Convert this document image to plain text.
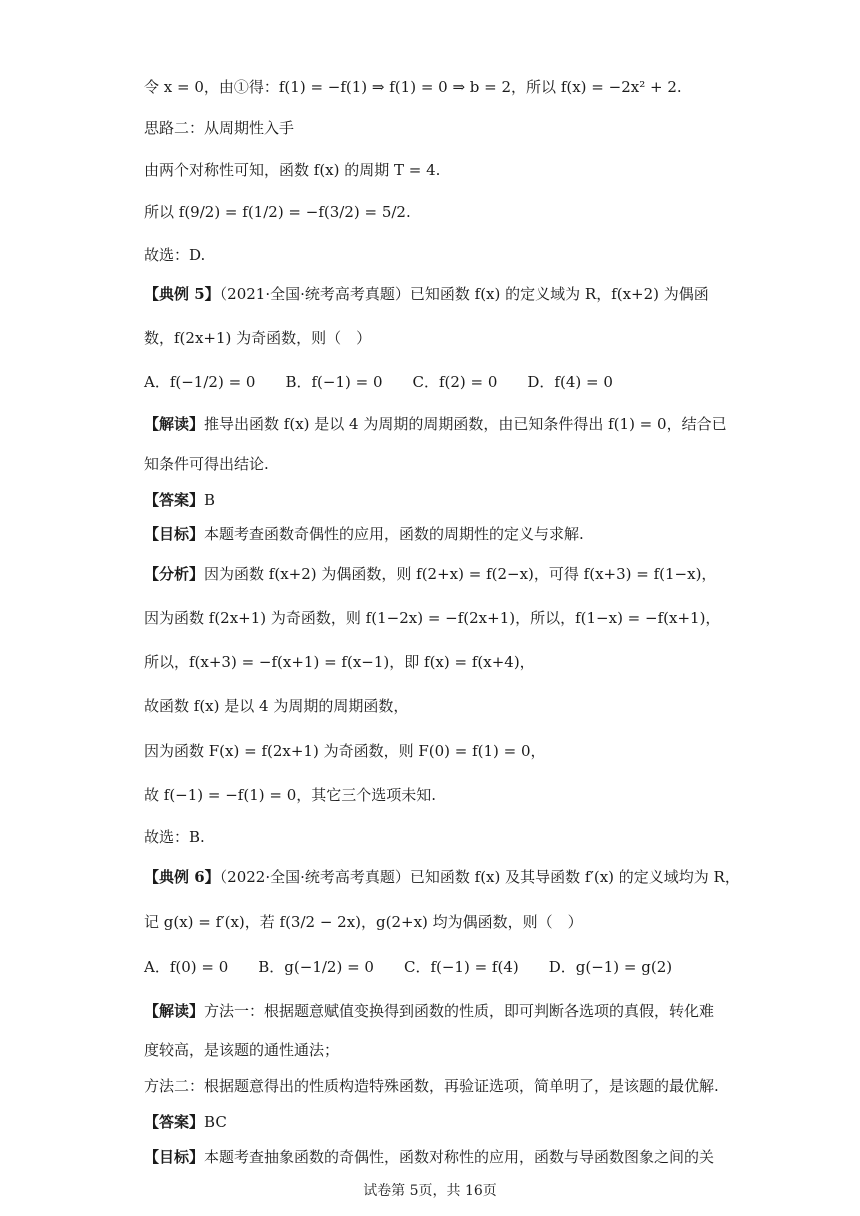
令 x = 0，由①得：f(1) = −f(1) ⇒ f(1) = 0 ⇒ b = 2，所以 f(x) = −2x² + 2.
思路二：从周期性入手
由两个对称性可知，函数 f(x) 的周期 T = 4.
所以 f(9/2) = f(1/2) = −f(3/2) = 5/2.
故选：D.
【典例 5】（2021·全国·统考高考真题）已知函数 f(x) 的定义域为 R，f(x+2) 为偶函
数，f(2x+1) 为奇函数，则（　）
A．f(−1/2) = 0　　B．f(−1) = 0　　C．f(2) = 0　　D．f(4) = 0
【解读】推导出函数 f(x) 是以 4 为周期的周期函数，由已知条件得出 f(1) = 0，结合已
知条件可得出结论.
【答案】B
【目标】本题考查函数奇偶性的应用，函数的周期性的定义与求解.
【分析】因为函数 f(x+2) 为偶函数，则 f(2+x) = f(2−x)，可得 f(x+3) = f(1−x)，
因为函数 f(2x+1) 为奇函数，则 f(1−2x) = −f(2x+1)，所以，f(1−x) = −f(x+1)，
所以，f(x+3) = −f(x+1) = f(x−1)，即 f(x) = f(x+4)，
故函数 f(x) 是以 4 为周期的周期函数，
因为函数 F(x) = f(2x+1) 为奇函数，则 F(0) = f(1) = 0，
故 f(−1) = −f(1) = 0，其它三个选项未知.
故选：B.
【典例 6】（2022·全国·统考高考真题）已知函数 f(x) 及其导函数 f′(x) 的定义域均为 R，
记 g(x) = f′(x)，若 f(3/2 − 2x)，g(2+x) 均为偶函数，则（　）
A．f(0) = 0　　B．g(−1/2) = 0　　C．f(−1) = f(4)　　D．g(−1) = g(2)
【解读】方法一：根据题意赋值变换得到函数的性质，即可判断各选项的真假，转化难
度较高，是该题的通性通法；
方法二：根据题意得出的性质构造特殊函数，再验证选项，简单明了，是该题的最优解.
【答案】BC
【目标】本题考查抽象函数的奇偶性，函数对称性的应用，函数与导函数图象之间的关
试卷第 5页，共 16页
